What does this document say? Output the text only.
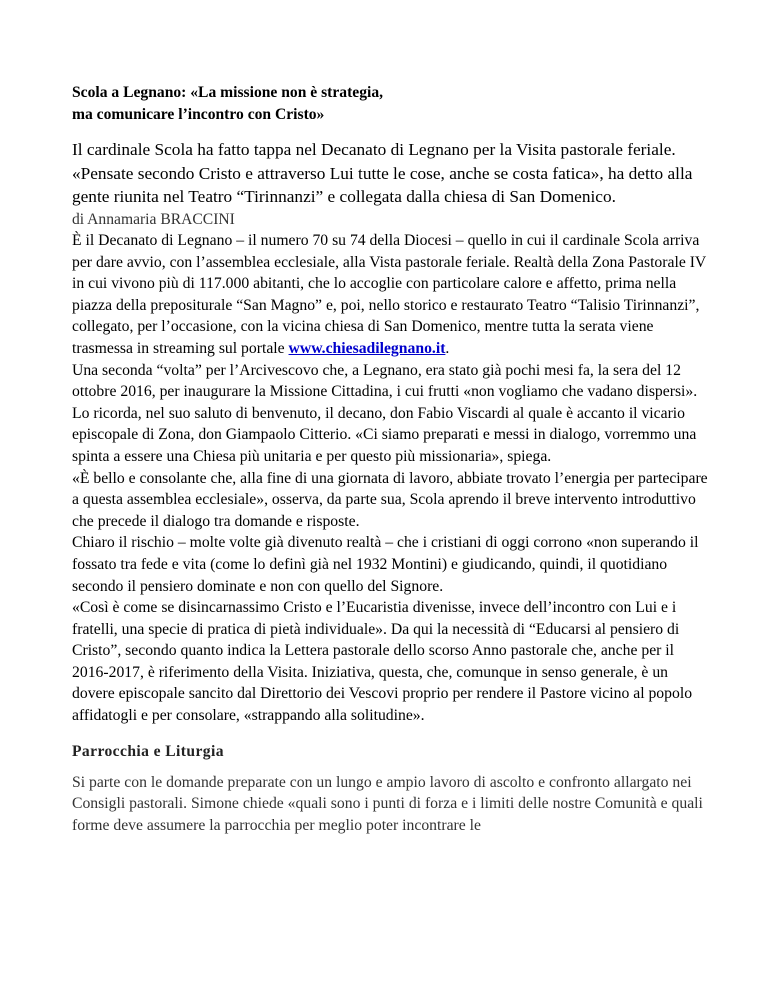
Scola a Legnano: «La missione non è strategia,
ma comunicare l’incontro con Cristo»

Il cardinale Scola ha fatto tappa nel Decanato di Legnano per la Visita pastorale feriale. «Pensate secondo Cristo e attraverso Lui tutte le cose, anche se costa fatica», ha detto alla gente riunita nel Teatro “Tirinnanzi” e collegata dalla chiesa di San Domenico.

di Annamaria BRACCINI

È il Decanato di Legnano – il numero 70 su 74 della Diocesi – quello in cui il cardinale Scola arriva per dare avvio, con l’assemblea ecclesiale, alla Vista pastorale feriale. Realtà della Zona Pastorale IV in cui vivono più di 117.000 abitanti, che lo accoglie con particolare calore e affetto, prima nella piazza della prepositurale “San Magno” e, poi, nello storico e restaurato Teatro “Talisio Tirinnanzi”, collegato, per l’occasione, con la vicina chiesa di San Domenico, mentre tutta la serata viene trasmessa in streaming sul portale www.chiesadilegnano.it.

Una seconda “volta” per l’Arcivescovo che, a Legnano, era stato già pochi mesi fa, la sera del 12 ottobre 2016, per inaugurare la Missione Cittadina, i cui frutti «non vogliamo che vadano dispersi». Lo ricorda, nel suo saluto di benvenuto, il decano, don Fabio Viscardi al quale è accanto il vicario episcopale di Zona, don Giampaolo Citterio. «Ci siamo preparati e messi in dialogo, vorremmo una spinta a essere una Chiesa più unitaria e per questo più missionaria», spiega.

«È bello e consolante che, alla fine di una giornata di lavoro, abbiate trovato l’energia per partecipare a questa assemblea ecclesiale», osserva, da parte sua, Scola aprendo il breve intervento introduttivo che precede il dialogo tra domande e risposte.

Chiaro il rischio – molte volte già divenuto realtà – che i cristiani di oggi corrono «non superando il fossato tra fede e vita (come lo definì già nel 1932 Montini) e giudicando, quindi, il quotidiano secondo il pensiero dominate e non con quello del Signore.

«Così è come se disincarnassimo Cristo e l’Eucaristia divenisse, invece dell’incontro con Lui e i fratelli, una specie di pratica di pietà individuale». Da qui la necessità di “Educarsi al pensiero di Cristo”, secondo quanto indica la Lettera pastorale dello scorso Anno pastorale che, anche per il 2016-2017, è riferimento della Visita. Iniziativa, questa, che, comunque in senso generale, è un dovere episcopale sancito dal Direttorio dei Vescovi proprio per rendere il Pastore vicino al popolo affidatogli e per consolare, «strappando alla solitudine».

Parrocchia e Liturgia

Si parte con le domande preparate con un lungo e ampio lavoro di ascolto e confronto allargato nei Consigli pastorali. Simone chiede «quali sono i punti di forza e i limiti delle nostre Comunità e quali forme deve assumere la parrocchia per meglio poter incontrare le
